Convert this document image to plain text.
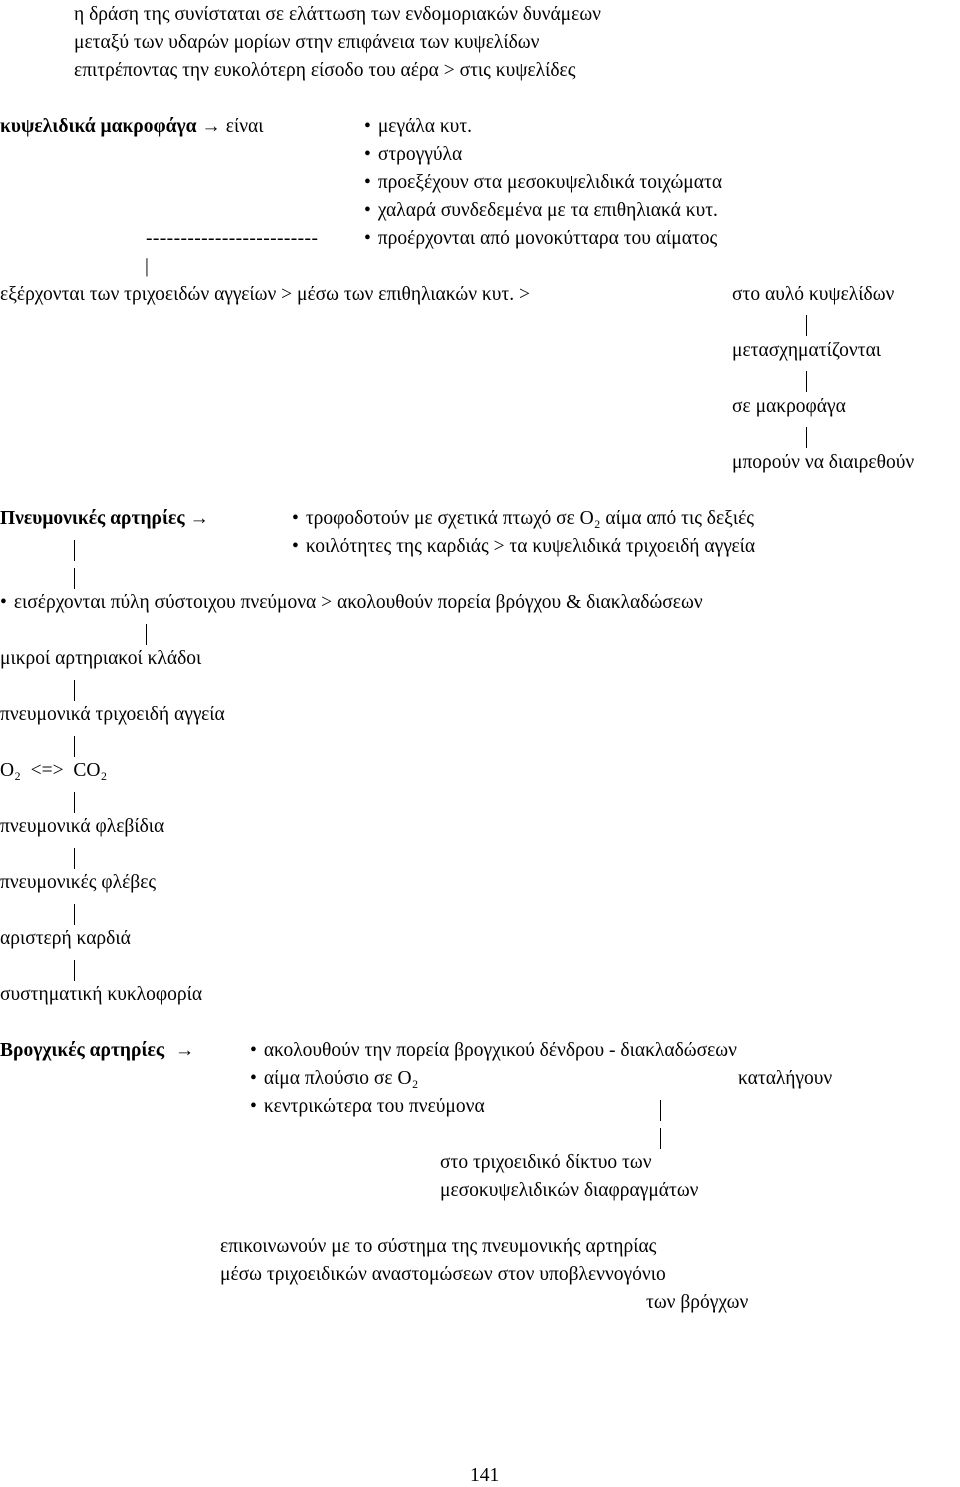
η δράση της συνίσταται σε ελάττωση των ενδομοριακών δυνάμεων
μεταξύ των υδαρών μορίων στην επιφάνεια των κυψελίδων
επιτρέποντας την ευκολότερη είσοδο του αέρα > στις κυψελίδες
κυψελιδικά μακροφάγα → είναι	• μεγάλα κυτ.
• στρογγύλα
• προεξέχουν στα μεσοκυψελιδικά τοιχώματα
• χαλαρά συνδεδεμένα με τα επιθηλιακά κυτ.
-------------------------	• προέρχονται από μονοκύτταρα του αίματος
|
εξέρχονται των τριχοειδών αγγείων > μέσω των επιθηλιακών κυτ. >	στο αυλό κυψελίδων
μετασχηματίζονται
σε μακροφάγα
μπορούν να διαιρεθούν
Πνευμονικές αρτηρίες →	• τροφοδοτούν με σχετικά πτωχό σε Ο₂ αίμα από τις δεξιές
• κοιλότητες της καρδιάς > τα κυψελιδικά τριχοειδή αγγεία
• εισέρχονται πύλη σύστοιχου πνεύμονα > ακολουθούν πορεία βρόγχου & διακλαδώσεων
μικροί αρτηριακοί κλάδοι
πνευμονικά τριχοειδή αγγεία
Ο₂  <=>  CO₂
πνευμονικά φλεβίδια
πνευμονικές φλέβες
αριστερή καρδιά
συστηματική κυκλοφορία
Βρογχικές αρτηρίες →	• ακολουθούν την πορεία βρογχικού δένδρου - διακλαδώσεων
• αίμα πλούσιο σε Ο₂	καταλήγουν
• κεντρικώτερα του πνεύμονα
στο τριχοειδικό δίκτυο των
μεσοκυψελιδικών διαφραγμάτων
επικοινωνούν με το σύστημα της πνευμονικής αρτηρίας
μέσω τριχοειδικών αναστομώσεων στον υποβλεννογόνιο
των βρόγχων
141
